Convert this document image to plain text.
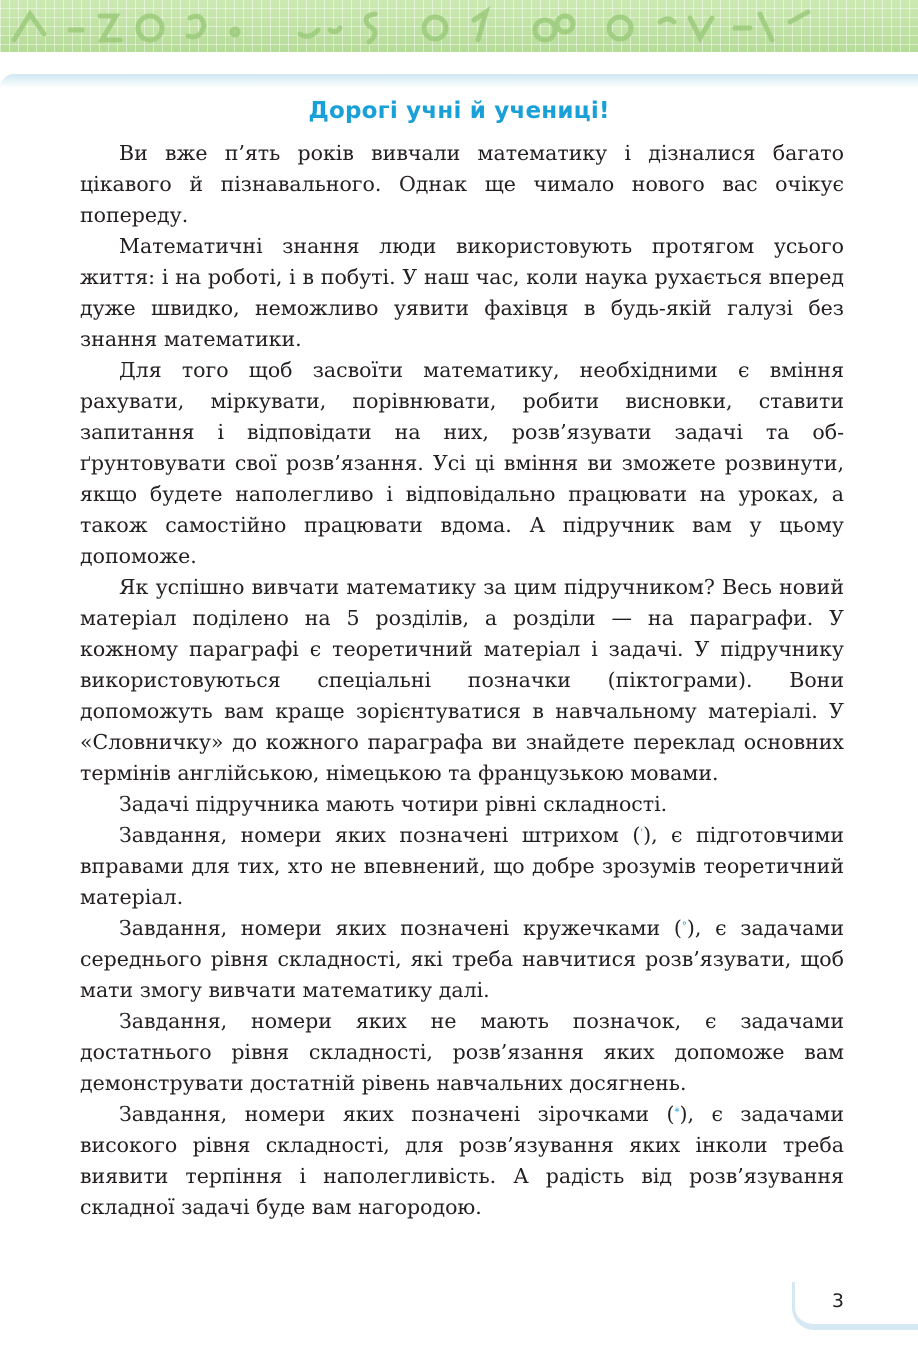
Дорогі учні й учениці!

Ви вже п’ять років вивчали математику і дізналися багато цікавого й пізнавального. Однак ще чимало нового вас очікує попереду.

Математичні знання люди використовують протягом усього життя: і на роботі, і в побуті. У наш час, коли наука рухається вперед дуже швидко, неможливо уявити фахівця в будь-якій галузі без знання математики.

Для того щоб засвоїти математику, необхідними є вміння рахувати, міркувати, порівнювати, робити висновки, ставити запитання і відповідати на них, розв’язувати задачі та обґрунтовувати свої розв’язання. Усі ці вміння ви зможете розвинути, якщо будете наполегливо і відповідально працювати на уроках, а також самостійно працювати вдома. А підручник вам у цьому допоможе.

Як успішно вивчати математику за цим підручником? Весь новий матеріал поділено на 5 розділів, а розділи — на параграфи. У кожному параграфі є теоретичний матеріал і задачі. У підручнику використовуються спеціальні позначки (піктограми). Вони допоможуть вам краще зорієнтуватися в навчальному матеріалі. У «Словничку» до кожного параграфа ви знайдете переклад основних термінів англійською, німецькою та французькою мовами.

Задачі підручника мають чотири рівні складності.

Завдання, номери яких позначені штрихом ('), є підготовчими вправами для тих, хто не впевнений, що добре зрозумів теоретичний матеріал.

Завдання, номери яких позначені кружечками (°), є задачами середнього рівня складності, які треба навчитися розв’язувати, щоб мати змогу вивчати математику далі.

Завдання, номери яких не мають позначок, є задачами достатнього рівня складності, розв’язання яких допоможе вам демонструвати достатній рівень навчальних досягнень.

Завдання, номери яких позначені зірочками (*), є задачами високого рівня складності, для розв’язування яких інколи треба виявити терпіння і наполегливість. А радість від розв’язування складної задачі буде вам нагородою.

3
